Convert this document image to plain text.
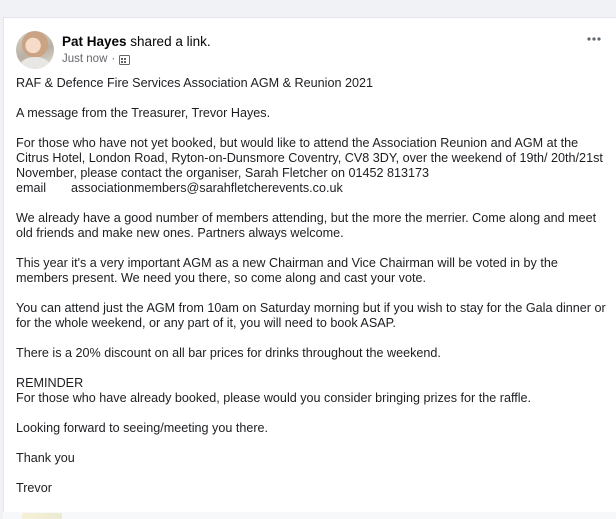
Pat Hayes shared a link.
Just now ·

RAF & Defence Fire Services Association AGM & Reunion 2021

A message from the Treasurer, Trevor Hayes.

For those who have not yet booked, but would like to attend the Association Reunion and AGM at the Citrus Hotel, London Road, Ryton-on-Dunsmore Coventry, CV8 3DY, over the weekend of 19th/ 20th/21st November, please contact the organiser, Sarah Fletcher on 01452 813173

email	associationmembers@sarahfletcherevents.co.uk

We already have a good number of members attending, but the more the merrier. Come along and meet old friends and make new ones. Partners always welcome.

This year it's a very important AGM as a new Chairman and Vice Chairman will be voted in by the members present. We need you there, so come along and cast your vote.

You can attend just the AGM from 10am on Saturday morning but if you wish to stay for the Gala dinner or for the whole weekend, or any part of it, you will need to book ASAP.

There is a 20% discount on all bar prices for drinks throughout the weekend.

REMINDER

For those who have already booked, please would you consider bringing prizes for the raffle.

Looking forward to seeing/meeting you there.

Thank you

Trevor
